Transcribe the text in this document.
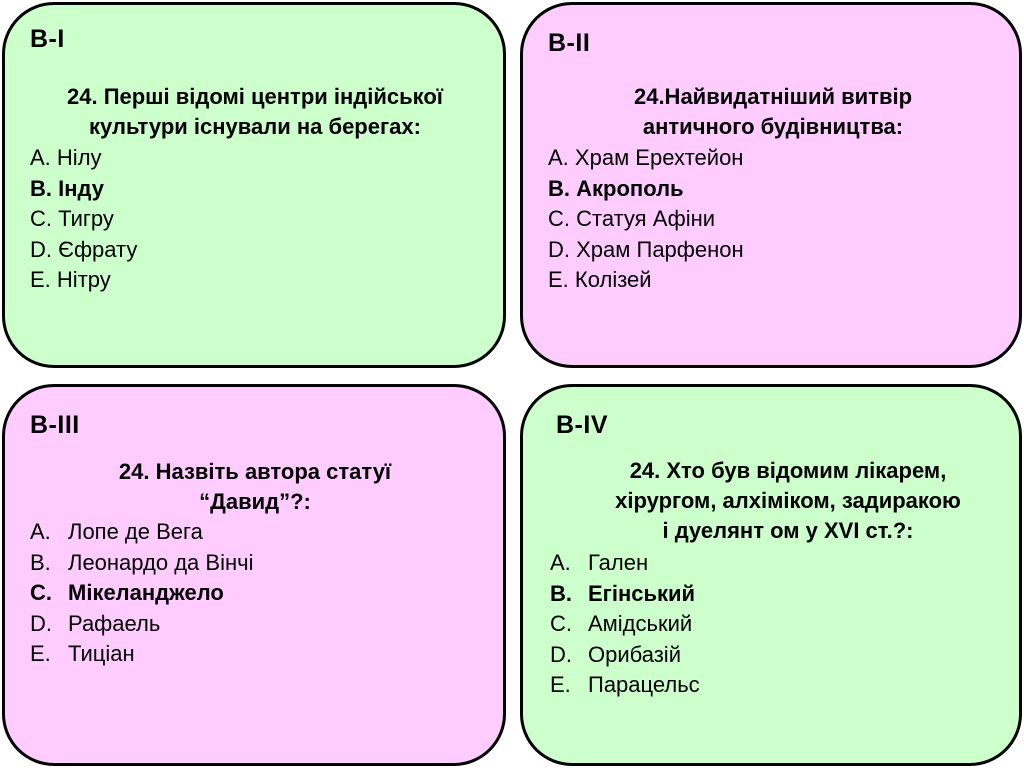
B-I
24. Перші відомі центри індійської
культури існували на берегах:
A. Нілу
B. Інду
C. Тигру
D. Єфрату
E. Нітру
B-II
24.Найвидатніший витвір
античного будівництва:
A. Храм Ерехтейон
B. Акрополь
C. Статуя Афіни
D. Храм Парфенон
E. Колізей
B-III
24. Назвіть автора статуї
“Давид”?:
A. Лопе де Вега
B. Леонардо да Вінчі
C. Мікеланджело
D. Рафаель
E. Тиціан
B-IV
24. Хто був відомим лікарем,
хірургом, алхіміком, задиракою
і дуелянт ом у XVI ст.?:
A. Гален
B. Егінський
C. Амідський
D. Орибазій
E. Парацельс
